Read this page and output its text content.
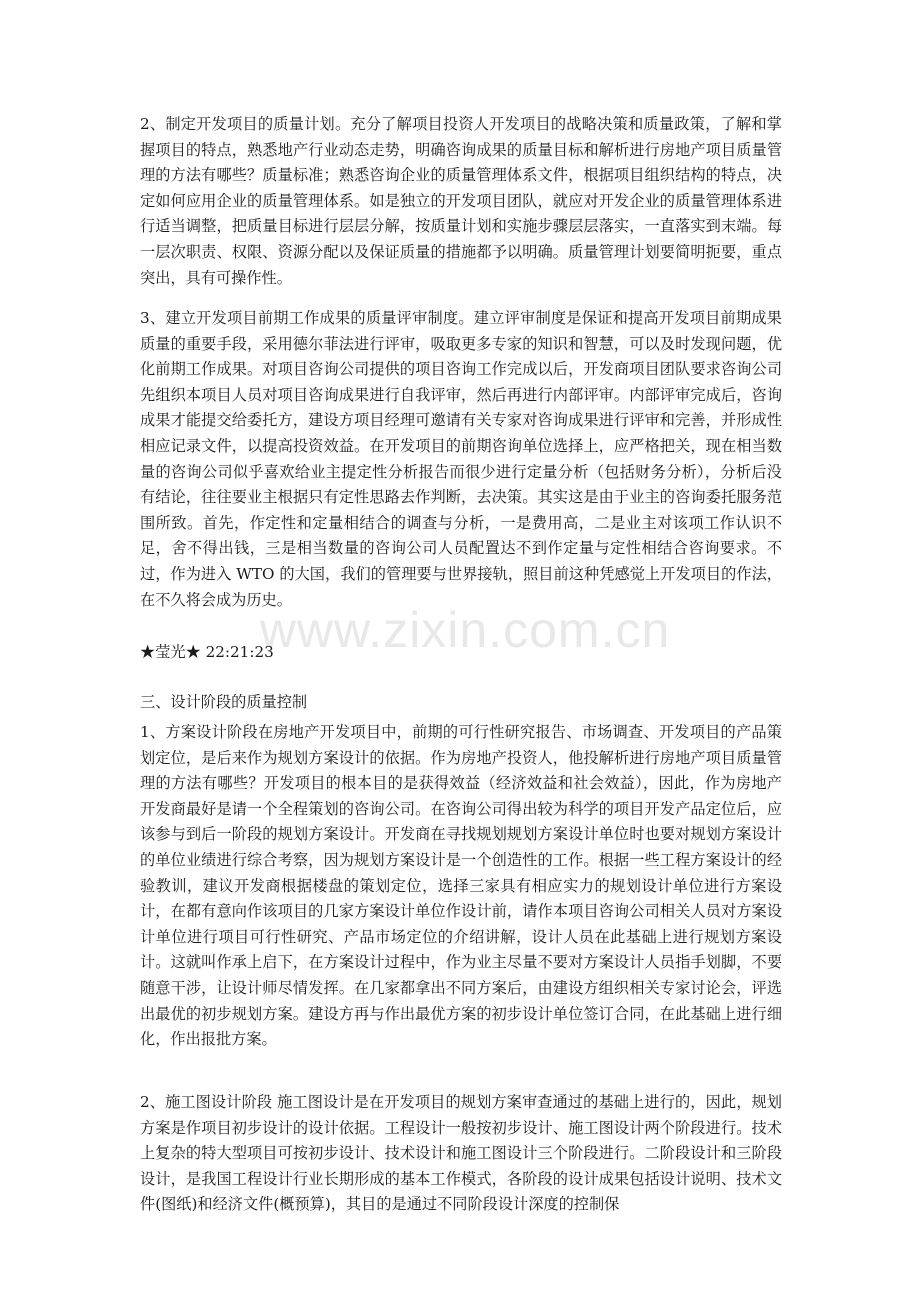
www.zixin.com.cn

2、制定开发项目的质量计划。充分了解项目投资人开发项目的战略决策和质量政策，了解和掌握项目的特点，熟悉地产行业动态走势，明确咨询成果的质量目标和解析进行房地产项目质量管理的方法有哪些？质量标准；熟悉咨询企业的质量管理体系文件，根据项目组织结构的特点，决定如何应用企业的质量管理体系。如是独立的开发项目团队，就应对开发企业的质量管理体系进行适当调整，把质量目标进行层层分解，按质量计划和实施步骤层层落实，一直落实到末端。每一层次职责、权限、资源分配以及保证质量的措施都予以明确。质量管理计划要简明扼要，重点突出，具有可操作性。

3、建立开发项目前期工作成果的质量评审制度。建立评审制度是保证和提高开发项目前期成果质量的重要手段，采用德尔菲法进行评审，吸取更多专家的知识和智慧，可以及时发现问题，优化前期工作成果。对项目咨询公司提供的项目咨询工作完成以后，开发商项目团队要求咨询公司先组织本项目人员对项目咨询成果进行自我评审，然后再进行内部评审。内部评审完成后，咨询成果才能提交给委托方，建设方项目经理可邀请有关专家对咨询成果进行评审和完善，并形成性相应记录文件，以提高投资效益。在开发项目的前期咨询单位选择上，应严格把关，现在相当数量的咨询公司似乎喜欢给业主提定性分析报告而很少进行定量分析（包括财务分析），分析后没有结论，往往要业主根据只有定性思路去作判断，去决策。其实这是由于业主的咨询委托服务范围所致。首先，作定性和定量相结合的调查与分析，一是费用高，二是业主对该项工作认识不足，舍不得出钱，三是相当数量的咨询公司人员配置达不到作定量与定性相结合咨询要求。不过，作为进入 WTO 的大国，我们的管理要与世界接轨，照目前这种凭感觉上开发项目的作法，在不久将会成为历史。

★莹光★ 22:21:23

三、设计阶段的质量控制

1、方案设计阶段在房地产开发项目中，前期的可行性研究报告、市场调查、开发项目的产品策划定位，是后来作为规划方案设计的依据。作为房地产投资人，他投解析进行房地产项目质量管理的方法有哪些？开发项目的根本目的是获得效益（经济效益和社会效益），因此，作为房地产开发商最好是请一个全程策划的咨询公司。在咨询公司得出较为科学的项目开发产品定位后，应该参与到后一阶段的规划方案设计。开发商在寻找规划规划方案设计单位时也要对规划方案设计的单位业绩进行综合考察，因为规划方案设计是一个创造性的工作。根据一些工程方案设计的经验教训，建议开发商根据楼盘的策划定位，选择三家具有相应实力的规划设计单位进行方案设计，在都有意向作该项目的几家方案设计单位作设计前，请作本项目咨询公司相关人员对方案设计单位进行项目可行性研究、产品市场定位的介绍讲解，设计人员在此基础上进行规划方案设计。这就叫作承上启下，在方案设计过程中，作为业主尽量不要对方案设计人员指手划脚，不要随意干涉，让设计师尽情发挥。在几家都拿出不同方案后，由建设方组织相关专家讨论会，评选出最优的初步规划方案。建设方再与作出最优方案的初步设计单位签订合同，在此基础上进行细化，作出报批方案。

2、施工图设计阶段 施工图设计是在开发项目的规划方案审查通过的基础上进行的，因此，规划方案是作项目初步设计的设计依据。工程设计一般按初步设计、施工图设计两个阶段进行。技术上复杂的特大型项目可按初步设计、技术设计和施工图设计三个阶段进行。二阶段设计和三阶段设计，是我国工程设计行业长期形成的基本工作模式，各阶段的设计成果包括设计说明、技术文件(图纸)和经济文件(概预算)，其目的是通过不同阶段设计深度的控制保
